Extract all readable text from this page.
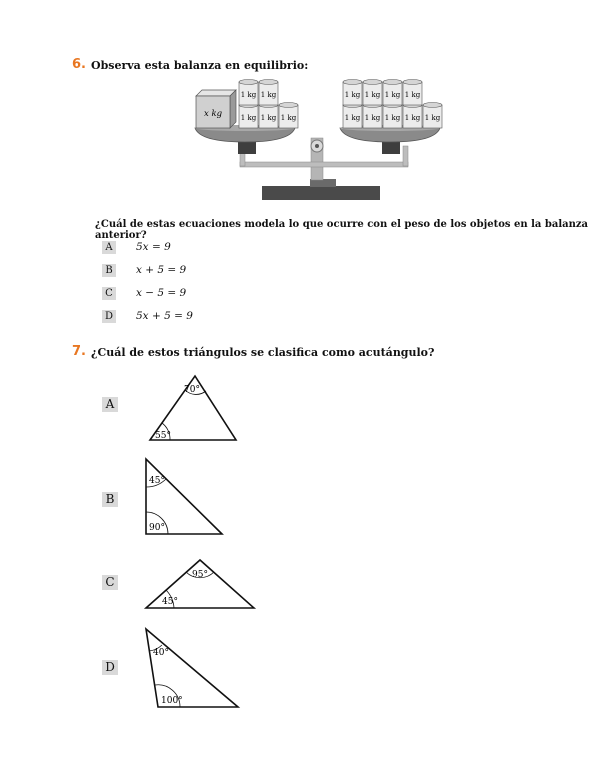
6. Observa esta balanza en equilibrio:
x kg	1 kg 1 kg 1 kg
1 kg 1 kg
1 kg 1 kg 1 kg 1 kg 1 kg
1 kg 1 kg 1 kg 1 kg
¿Cuál de estas ecuaciones modela lo que ocurre con el peso de los objetos en la balanza anterior?
A	5x = 9
B	x + 5 = 9
C	x − 5 = 9
D 5x + 5 = 9
7. ¿Cuál de estos triángulos se clasifica como acutángulo?
A
70°
55°
B
45°
90°
C	95°
45°
D
40°
100°
